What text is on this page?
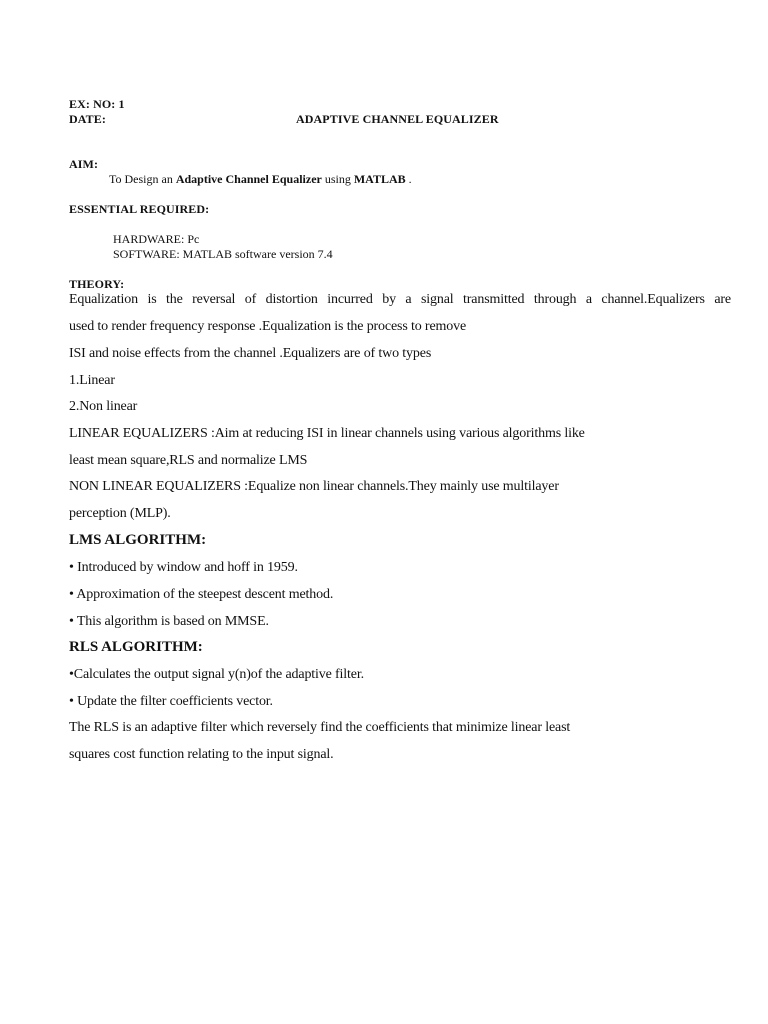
EX: NO: 1
DATE:	ADAPTIVE CHANNEL EQUALIZER
AIM:
To Design an Adaptive Channel Equalizer using MATLAB .
ESSENTIAL REQUIRED:
HARDWARE: Pc
SOFTWARE: MATLAB software version 7.4
THEORY:
Equalization is the reversal of distortion incurred by a signal transmitted through a channel.Equalizers are
used to render frequency response .Equalization is the process to remove
ISI and noise effects from the channel .Equalizers are of two types
1.Linear
2.Non linear
LINEAR EQUALIZERS :Aim at reducing ISI in linear channels using various algorithms like
least mean square,RLS and normalize LMS
NON LINEAR EQUALIZERS :Equalize non linear channels.They mainly use multilayer
perception (MLP).
LMS ALGORITHM:
• Introduced by window and hoff in 1959.
• Approximation of the steepest descent method.
• This algorithm is based on MMSE.
RLS ALGORITHM:
•Calculates the output signal y(n)of the adaptive filter.
• Update the filter coefficients vector.
The RLS is an adaptive filter which reversely find the coefficients that minimize linear least
squares cost function relating to the input signal.
